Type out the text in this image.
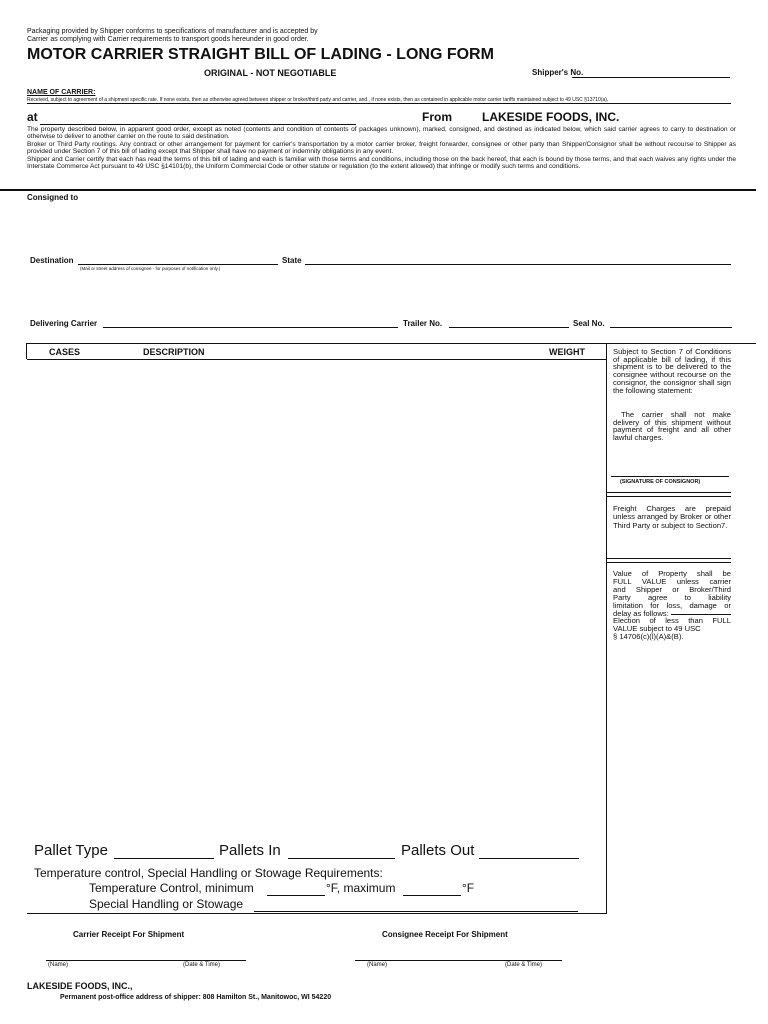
Packaging provided by Shipper conforms to specifications of manufacturer and is accepted by
Carrier as complying with Carrier requirements to transport goods hereunder in good order.
MOTOR CARRIER STRAIGHT BILL OF LADING - LONG FORM
ORIGINAL - NOT NEGOTIABLE	Shipper's No.
NAME OF CARRIER:
Received, subject to agreement of a shipment specific rate. If none exists, then as otherwise agreed between shipper or broker/third party and carrier, and , if none exists, then as contained in applicable motor carrier tariffs maintained subject to 49 USC §13710(a),
at	From	LAKESIDE FOODS, INC.
The property described below, in apparent good order, except as noted (contents and condition of contents of packages unknown), marked, consigned, and destined as indicated below, which said carrier agrees to carry to destination or otherwise to deliver to another carrier on the route to said destination.
Broker or Third Party routings. Any contract or other arrangement for payment for carrier's transportation by a motor carrier broker, freight forwarder, consignee or other party than Shipper/Consignor shall be without recourse to Shipper as provided under Section 7 of this bill of lading except that Shipper shall have no payment or indemnity obligations in any event.
Shipper and Carrier certify that each has read the terms of this bill of lading and each is familiar with those terms and conditions, including those on the back hereof, that each is bound by those terms, and that each waives any rights under the Interstate Commerce Act pursuant to 49 USC §14101(b), the Uniform Commercial Code or other statute or regulation (to the extent allowed) that infringe or modify such terms and conditions.
Consigned to
Destination
(Mail or street address of consignee - for purposes of notification only.)
State
Delivering Carrier	Trailer No.	Seal No.
CASES	DESCRIPTION	WEIGHT	Subject to Section 7 of Conditions of applicable bill of lading, if this shipment is to be delivered to the consignee without recourse on the consignor, the consignor shall sign the following statement:
The carrier shall not make delivery of this shipment without payment of freight and all other lawful charges.
(SIGNATURE OF CONSIGNOR)
Freight Charges are prepaid unless arranged by Broker or other Third Party or subject to Section7.
Value of Property shall be
FULL VALUE unless carrier
and Shipper or Broker/Third
Party agree to liability
limitation for loss, damage or
delay as follows:
Election of less than FULL
VALUE subject to 49 USC
§ 14706(c)(l)(A)&(B).
Pallet Type	Pallets In	Pallets Out
Temperature control, Special Handling or Stowage Requirements:
Temperature Control, minimum	°F, maximum	°F
Special Handling or Stowage
Carrier Receipt For Shipment	Consignee Receipt For Shipment
(Name)	(Date & Time)	(Name)	(Date & Time)
LAKESIDE FOODS, INC.,
Permanent post-office address of shipper: 808 Hamilton St., Manitowoc, WI 54220
